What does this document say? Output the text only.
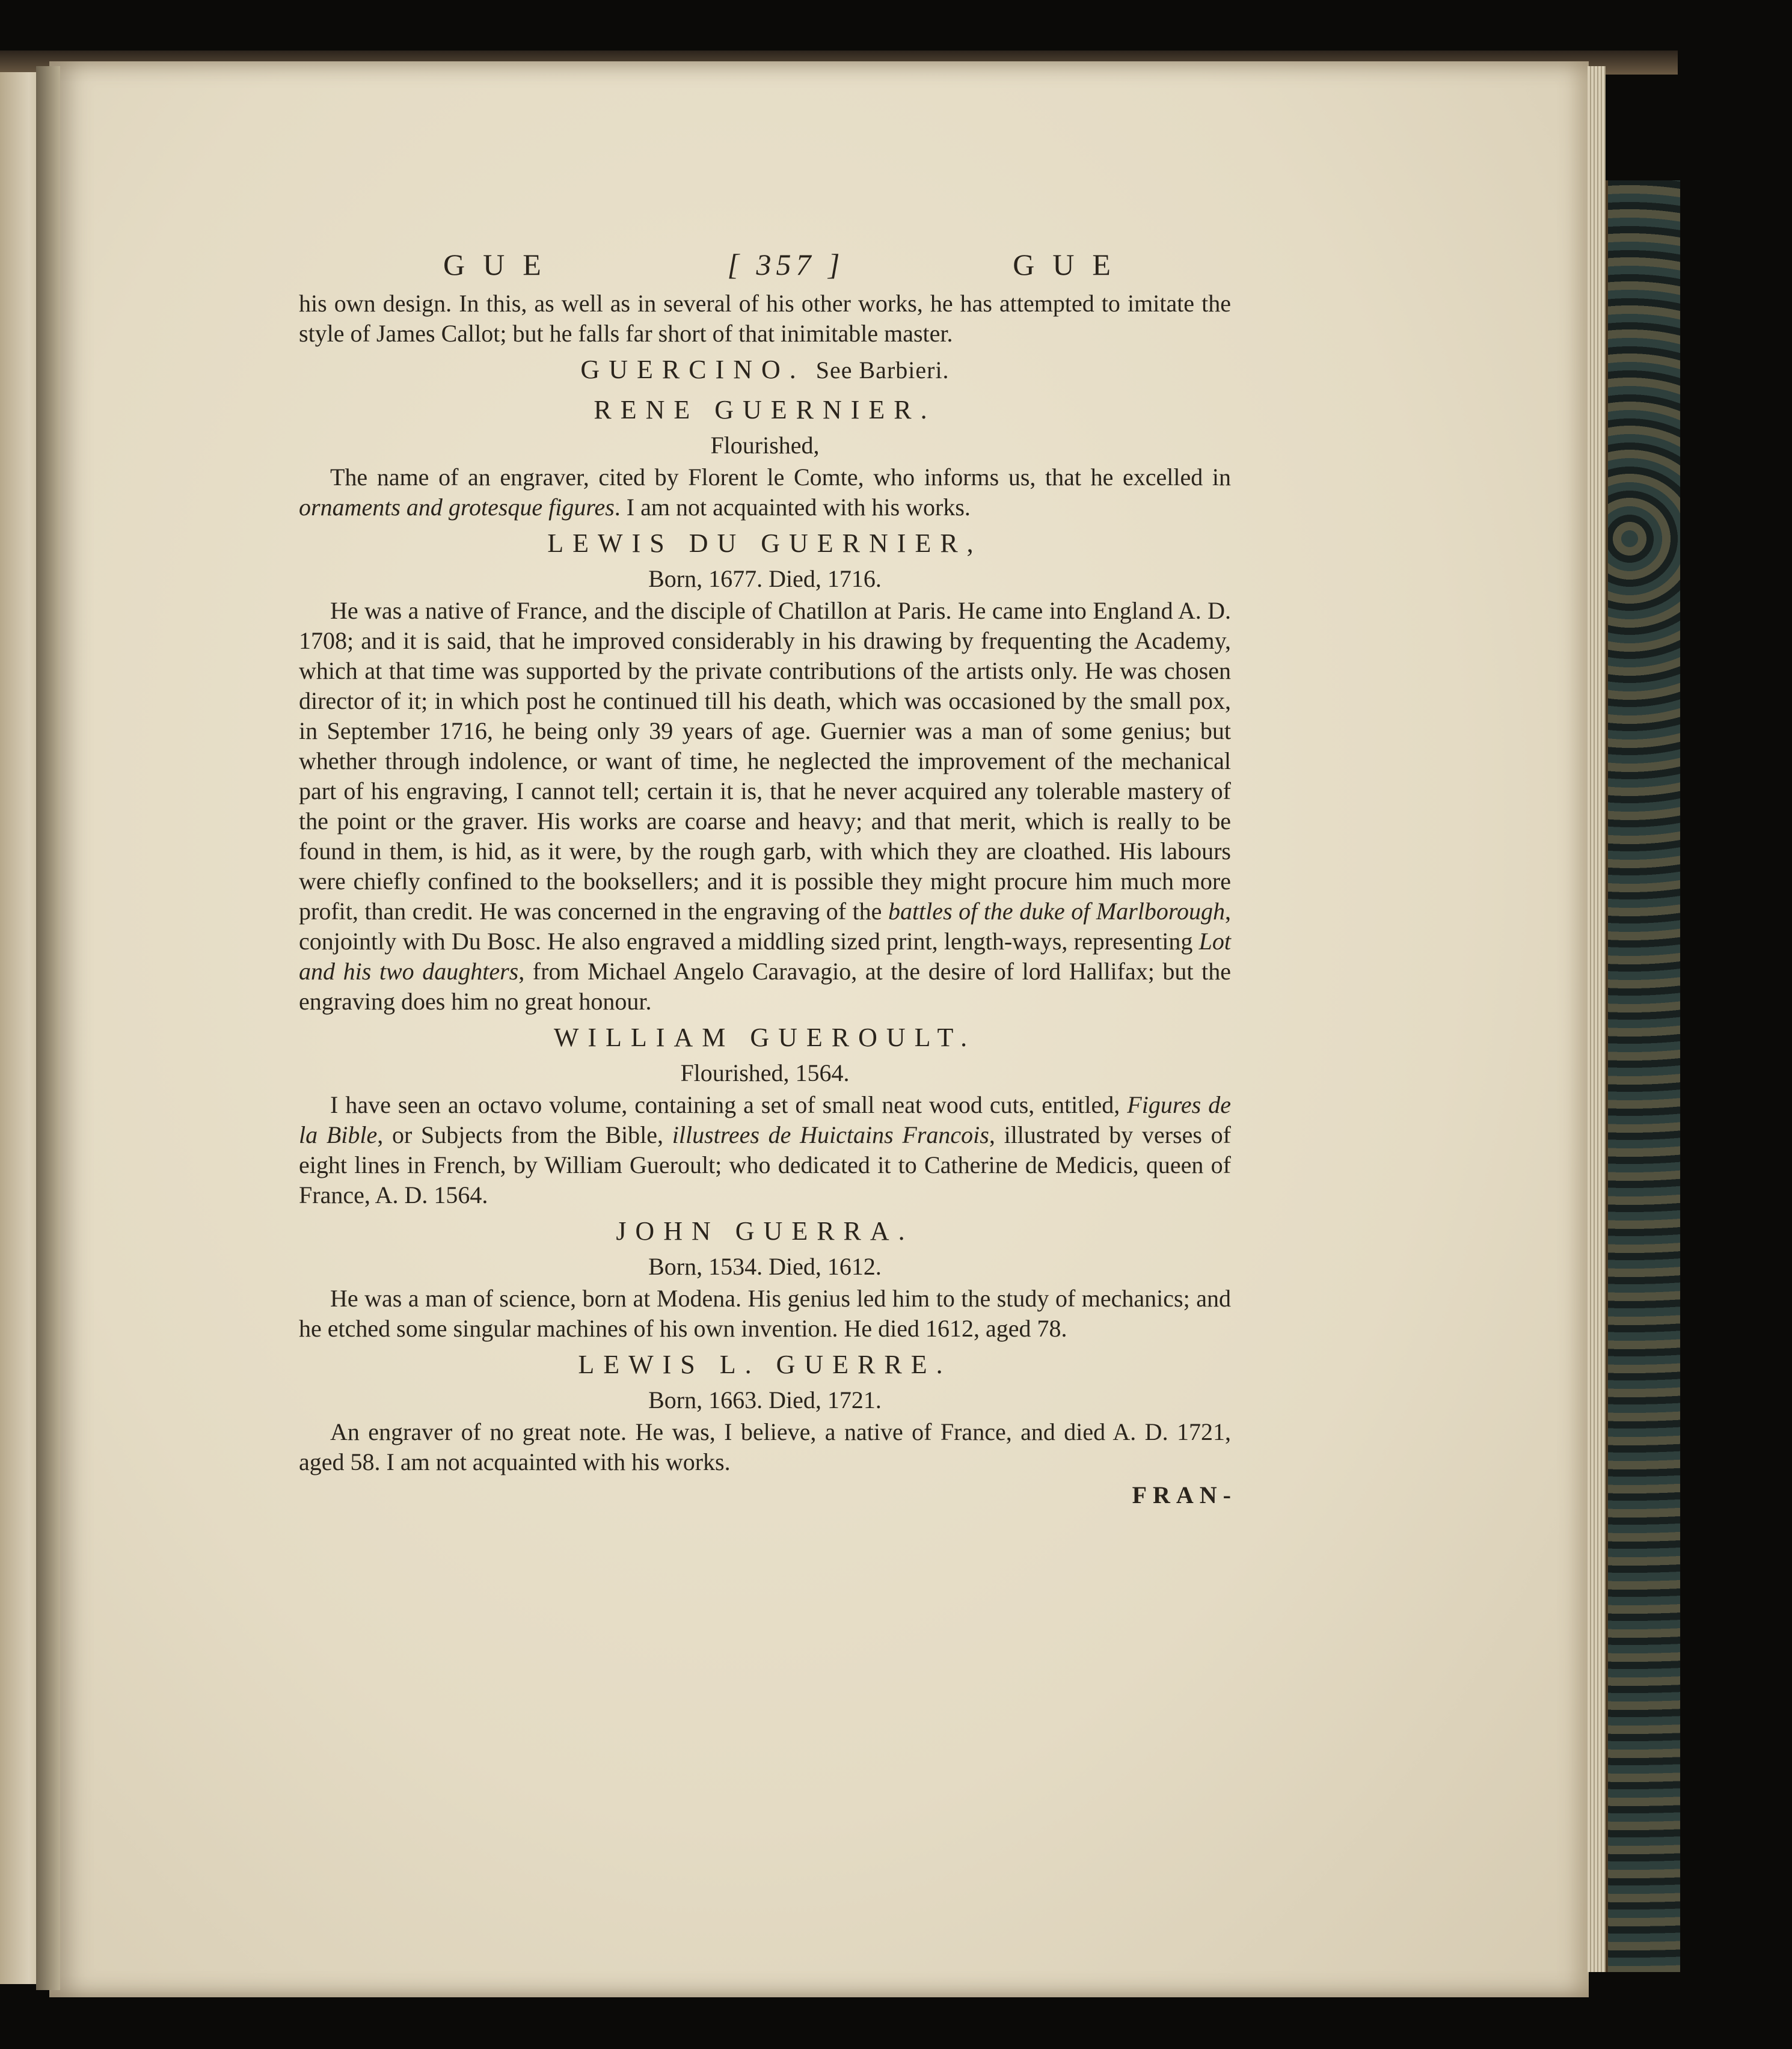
GUE	[ 357 ]	GUE

his own design. In this, as well as in several of his other works, he has attempted to imitate the style of James Callot; but he falls far short of that inimitable master.

GUERCINO. See Barbieri.
RENE GUERNIER.
Flourished,

The name of an engraver, cited by Florent le Comte, who informs us, that he excelled in ornaments and grotesque figures. I am not acquainted with his works.

LEWIS DU GUERNIER,
Born, 1677. Died, 1716.

He was a native of France, and the disciple of Chatillon at Paris. He came into England A. D. 1708; and it is said, that he improved considerably in his drawing by frequenting the Academy, which at that time was supported by the private contributions of the artists only. He was chosen director of it; in which post he continued till his death, which was occasioned by the small pox, in September 1716, he being only 39 years of age. Guernier was a man of some genius; but whether through indolence, or want of time, he neglected the improvement of the mechanical part of his engraving, I cannot tell; certain it is, that he never acquired any tolerable mastery of the point or the graver. His works are coarse and heavy; and that merit, which is really to be found in them, is hid, as it were, by the rough garb, with which they are cloathed. His labours were chiefly confined to the booksellers; and it is possible they might procure him much more profit, than credit. He was concerned in the engraving of the battles of the duke of Marlborough, conjointly with Du Bosc. He also engraved a middling sized print, length-ways, representing Lot and his two daughters, from Michael Angelo Caravagio, at the desire of lord Hallifax; but the engraving does him no great honour.

WILLIAM GUEROULT.
Flourished, 1564.

I have seen an octavo volume, containing a set of small neat wood cuts, entitled, Figures de la Bible, or Subjects from the Bible, illustrees de Huictains Francois, illustrated by verses of eight lines in French, by William Gueroult; who dedicated it to Catherine de Medicis, queen of France, A. D. 1564.

JOHN GUERRA.
Born, 1534. Died, 1612.

He was a man of science, born at Modena. His genius led him to the study of mechanics; and he etched some singular machines of his own invention. He died 1612, aged 78.

LEWIS L. GUERRE.
Born, 1663. Died, 1721.

An engraver of no great note. He was, I believe, a native of France, and died A. D. 1721, aged 58. I am not acquainted with his works.

FRAN-
